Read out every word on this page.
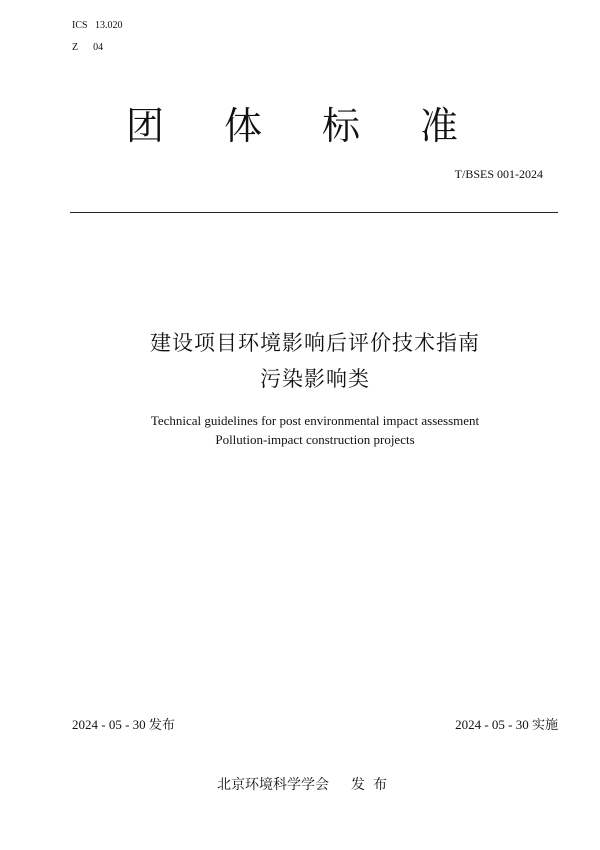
ICS   13.020
Z      04
团体标准
T/BSES 001-2024
建设项目环境影响后评价技术指南
污染影响类
Technical guidelines for post environmental impact assessment
Pollution-impact construction projects
2024 - 05 - 30 发布	2024 - 05 - 30 实施
北京环境科学学会 发布
